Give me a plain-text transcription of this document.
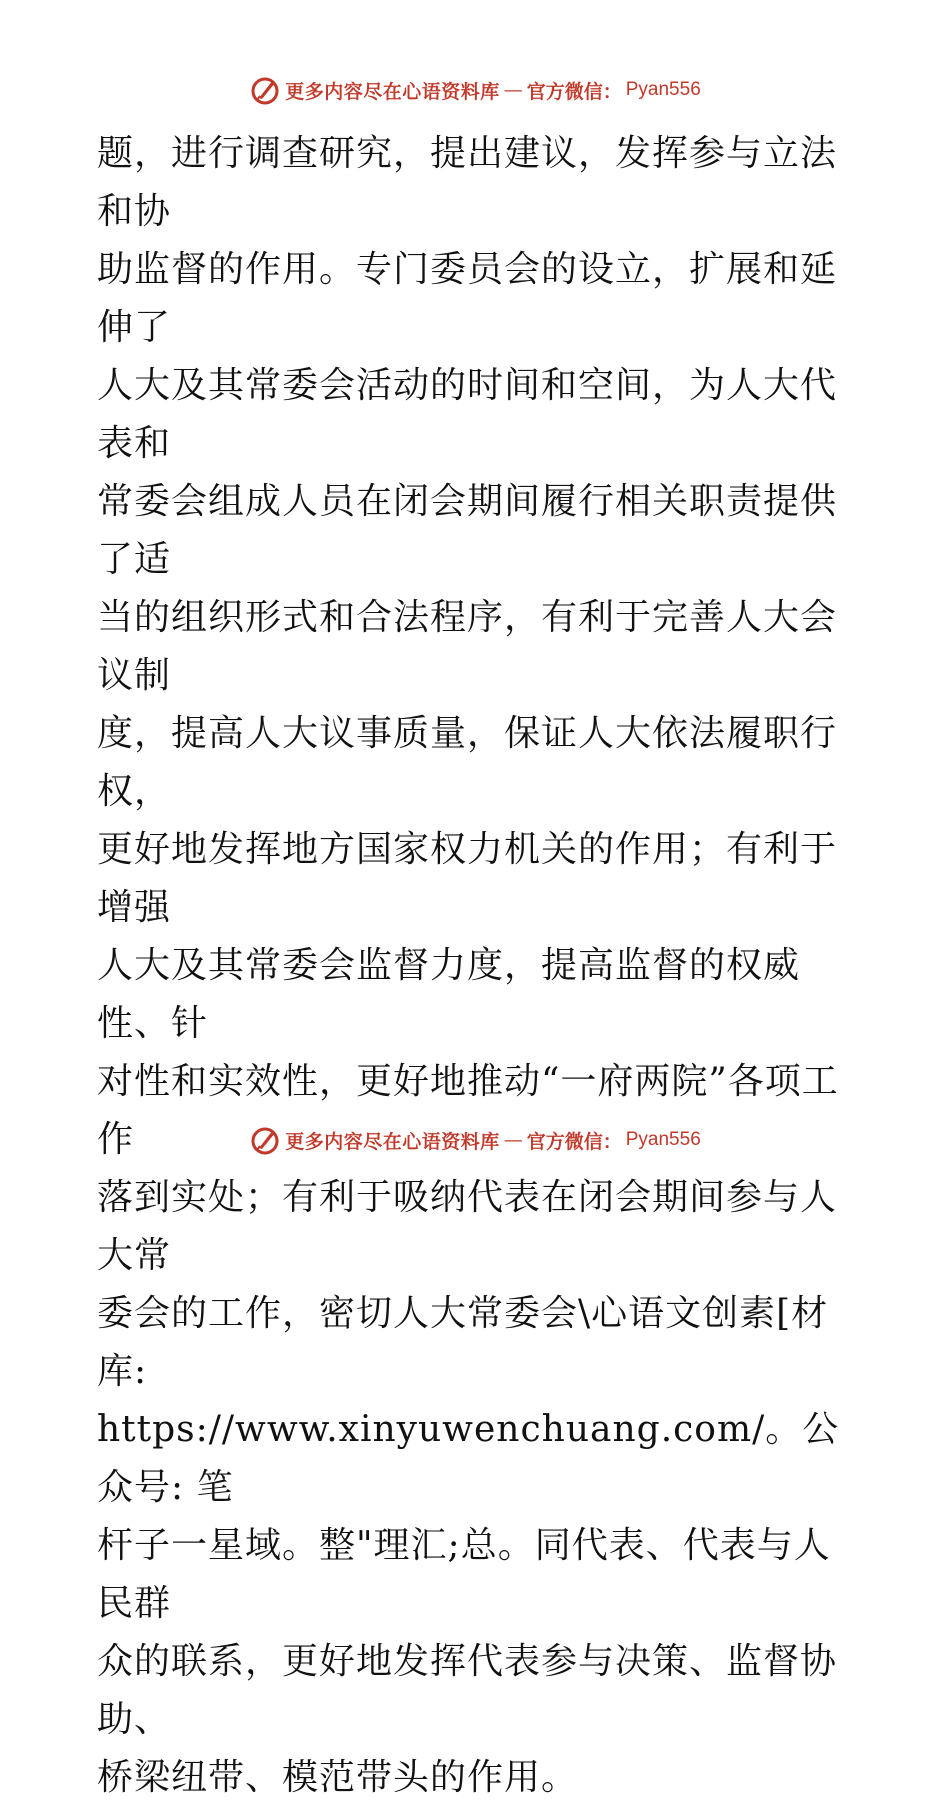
更多内容尽在心语资料库 — 官方微信： Pyan556

题，进行调查研究，提出建议，发挥参与立法和协
助监督的作用。专门委员会的设立，扩展和延伸了
人大及其常委会活动的时间和空间，为人大代表和
常委会组成人员在闭会期间履行相关职责提供了适
当的组织形式和合法程序，有利于完善人大会议制
度，提高人大议事质量，保证人大依法履职行权，
更好地发挥地方国家权力机关的作用；有利于增强
人大及其常委会监督力度，提高监督的权威性、针
对性和实效性，更好地推动“一府两院”各项工作
落到实处；有利于吸纳代表在闭会期间参与人大常
委会的工作，密切人大常委会\心语文创素[材库:
https://www.xinyuwenchuang.com/。公众号: 笔
杆子一星域。整"理汇;总。同代表、代表与人民群
众的联系，更好地发挥代表参与决策、监督协助、
桥梁纽带、模范带头的作用。

更多内容尽在心语资料库 — 官方微信： Pyan556
